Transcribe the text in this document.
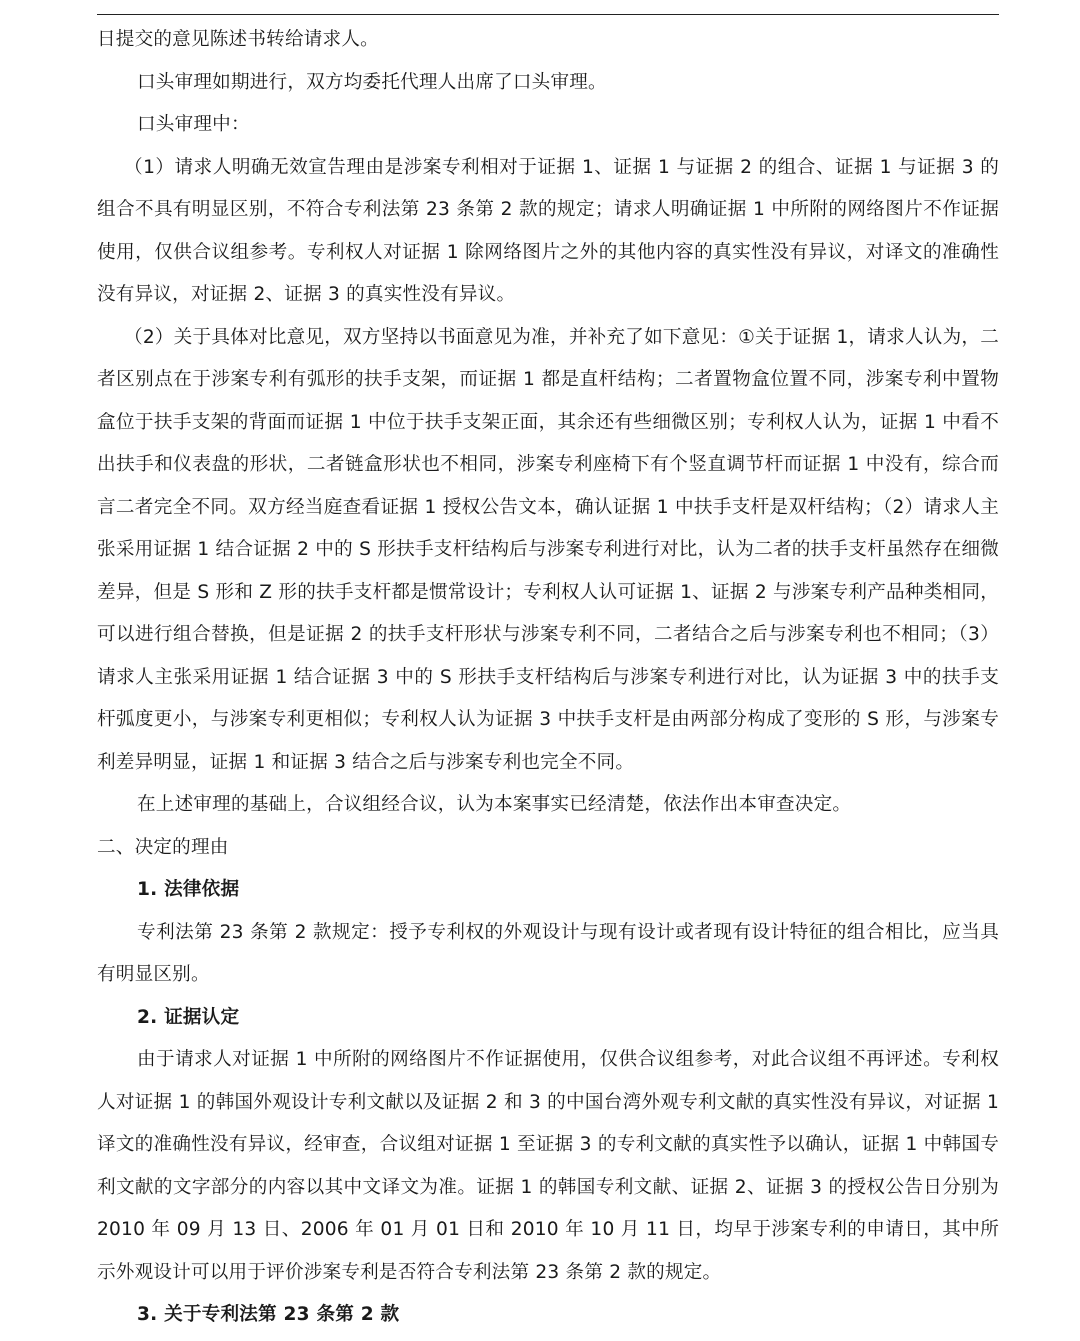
日提交的意见陈述书转给请求人。

口头审理如期进行，双方均委托代理人出席了口头审理。

口头审理中：

（1）请求人明确无效宣告理由是涉案专利相对于证据 1、证据 1 与证据 2 的组合、证据 1 与证据 3 的组合不具有明显区别，不符合专利法第 23 条第 2 款的规定；请求人明确证据 1 中所附的网络图片不作证据使用，仅供合议组参考。专利权人对证据 1 除网络图片之外的其他内容的真实性没有异议，对译文的准确性没有异议，对证据 2、证据 3 的真实性没有异议。

（2）关于具体对比意见，双方坚持以书面意见为准，并补充了如下意见：①关于证据 1，请求人认为，二者区别点在于涉案专利有弧形的扶手支架，而证据 1 都是直杆结构；二者置物盒位置不同，涉案专利中置物盒位于扶手支架的背面而证据 1 中位于扶手支架正面，其余还有些细微区别；专利权人认为，证据 1 中看不出扶手和仪表盘的形状，二者链盒形状也不相同，涉案专利座椅下有个竖直调节杆而证据 1 中没有，综合而言二者完全不同。双方经当庭查看证据 1 授权公告文本，确认证据 1 中扶手支杆是双杆结构；（2）请求人主张采用证据 1 结合证据 2 中的 S 形扶手支杆结构后与涉案专利进行对比，认为二者的扶手支杆虽然存在细微差异，但是 S 形和 Z 形的扶手支杆都是惯常设计；专利权人认可证据 1、证据 2 与涉案专利产品种类相同，可以进行组合替换，但是证据 2 的扶手支杆形状与涉案专利不同，二者结合之后与涉案专利也不相同；（3）请求人主张采用证据 1 结合证据 3 中的 S 形扶手支杆结构后与涉案专利进行对比，认为证据 3 中的扶手支杆弧度更小，与涉案专利更相似；专利权人认为证据 3 中扶手支杆是由两部分构成了变形的 S 形，与涉案专利差异明显，证据 1 和证据 3 结合之后与涉案专利也完全不同。

在上述审理的基础上，合议组经合议，认为本案事实已经清楚，依法作出本审查决定。

二、决定的理由

1. 法律依据

专利法第 23 条第 2 款规定：授予专利权的外观设计与现有设计或者现有设计特征的组合相比，应当具有明显区别。

2. 证据认定

由于请求人对证据 1 中所附的网络图片不作证据使用，仅供合议组参考，对此合议组不再评述。专利权人对证据 1 的韩国外观设计专利文献以及证据 2 和 3 的中国台湾外观专利文献的真实性没有异议，对证据 1 译文的准确性没有异议，经审查，合议组对证据 1 至证据 3 的专利文献的真实性予以确认，证据 1 中韩国专利文献的文字部分的内容以其中文译文为准。证据 1 的韩国专利文献、证据 2、证据 3 的授权公告日分别为 2010 年 09 月 13 日、2006 年 01 月 01 日和 2010 年 10 月 11 日，均早于涉案专利的申请日，其中所示外观设计可以用于评价涉案专利是否符合专利法第 23 条第 2 款的规定。

3. 关于专利法第 23 条第 2 款
